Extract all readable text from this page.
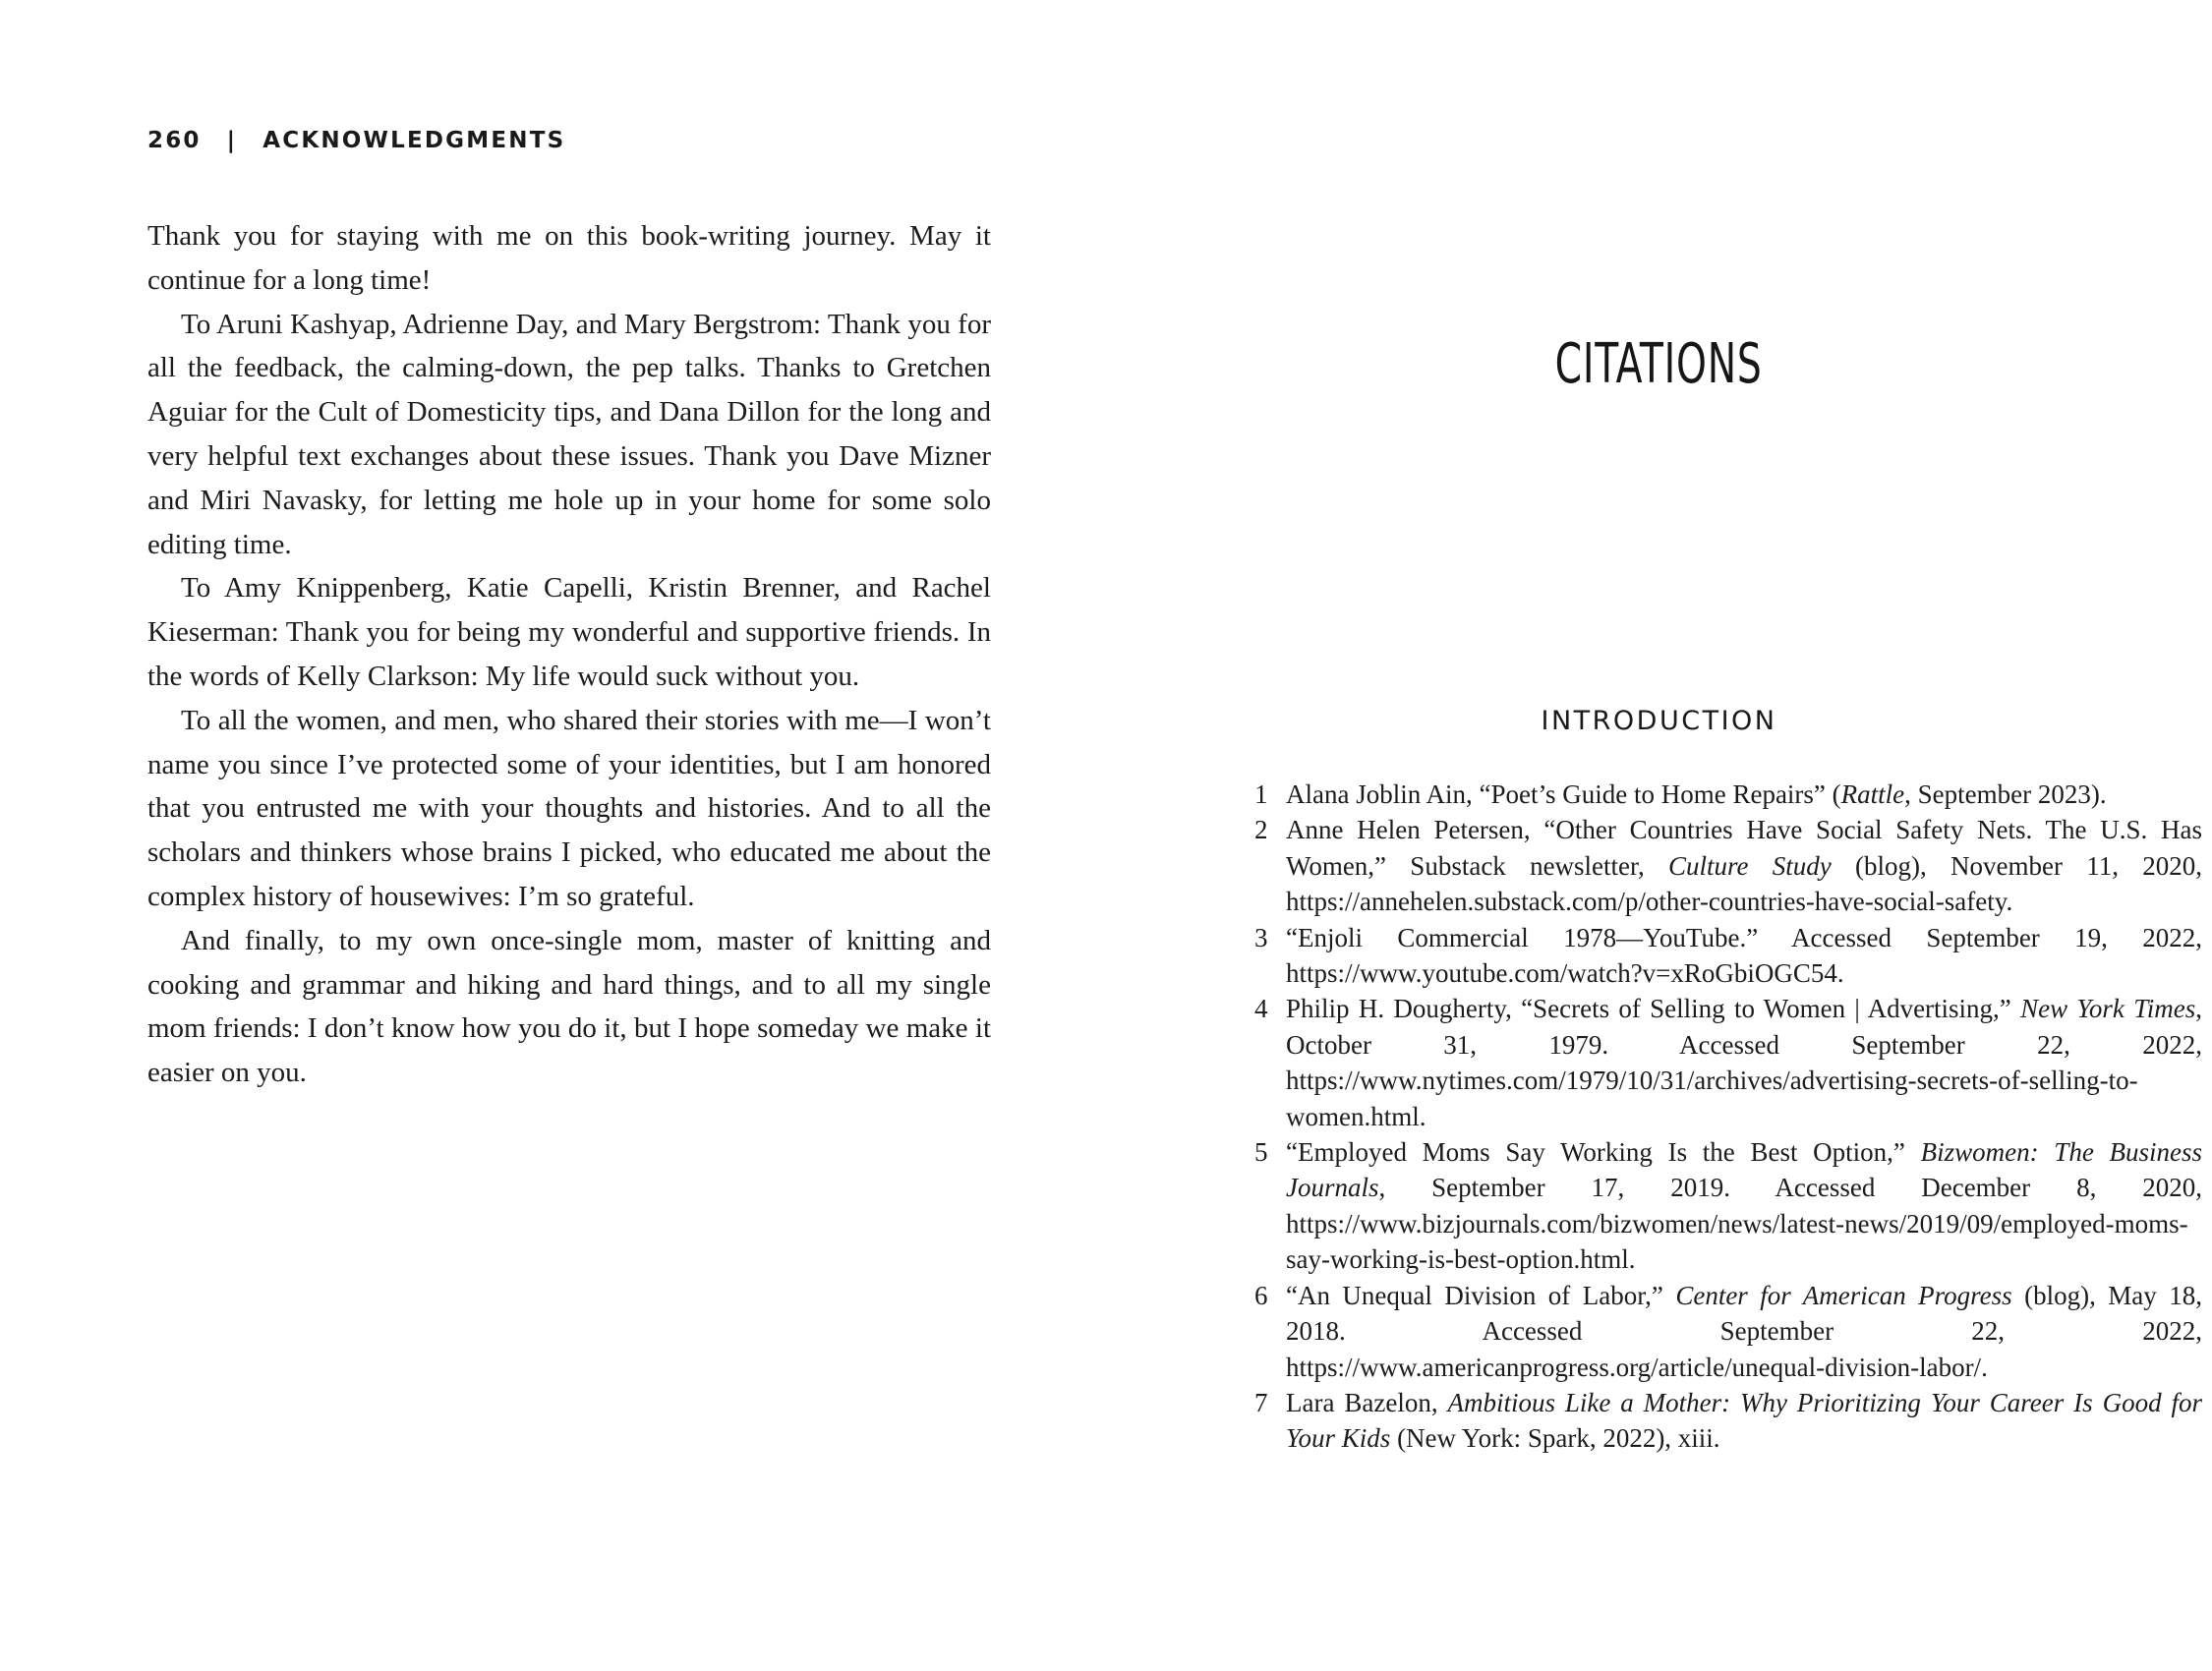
260 | ACKNOWLEDGMENTS

Thank you for staying with me on this book-writing journey. May it continue for a long time!

To Aruni Kashyap, Adrienne Day, and Mary Bergstrom: Thank you for all the feedback, the calming-down, the pep talks. Thanks to Gretchen Aguiar for the Cult of Domesticity tips, and Dana Dillon for the long and very helpful text exchanges about these issues. Thank you Dave Mizner and Miri Navasky, for letting me hole up in your home for some solo editing time.

To Amy Knippenberg, Katie Capelli, Kristin Brenner, and Rachel Kieserman: Thank you for being my wonderful and supportive friends. In the words of Kelly Clarkson: My life would suck without you.

To all the women, and men, who shared their stories with me—I won’t name you since I’ve protected some of your identities, but I am honored that you entrusted me with your thoughts and histories. And to all the scholars and thinkers whose brains I picked, who educated me about the complex history of housewives: I’m so grateful.

And finally, to my own once-single mom, master of knitting and cooking and grammar and hiking and hard things, and to all my single mom friends: I don’t know how you do it, but I hope someday we make it easier on you.

CITATIONS
INTRODUCTION
1 Alana Joblin Ain, “Poet’s Guide to Home Repairs” (Rattle, September 2023).
2 Anne Helen Petersen, “Other Countries Have Social Safety Nets. The U.S. Has Women,” Substack newsletter, Culture Study (blog), November 11, 2020, https://annehelen.substack.com/p/other-countries-have-social-safety.
3 “Enjoli Commercial 1978—YouTube.” Accessed September 19, 2022, https://www.youtube.com/watch?v=xRoGbiOGC54.
4 Philip H. Dougherty, “Secrets of Selling to Women | Advertising,” New York Times, October 31, 1979. Accessed September 22, 2022, https://www.nytimes.com/1979/10/31/archives/advertising-secrets-of-selling-to-women.html.
5 “Employed Moms Say Working Is the Best Option,” Bizwomen: The Business Journals, September 17, 2019. Accessed December 8, 2020, https://www.bizjournals.com/bizwomen/news/latest-news/2019/09/employed-moms-say-working-is-best-option.html.
6 “An Unequal Division of Labor,” Center for American Progress (blog), May 18, 2018. Accessed September 22, 2022, https://www.americanprogress.org/article/unequal-division-labor/.
7 Lara Bazelon, Ambitious Like a Mother: Why Prioritizing Your Career Is Good for Your Kids (New York: Spark, 2022), xiii.
